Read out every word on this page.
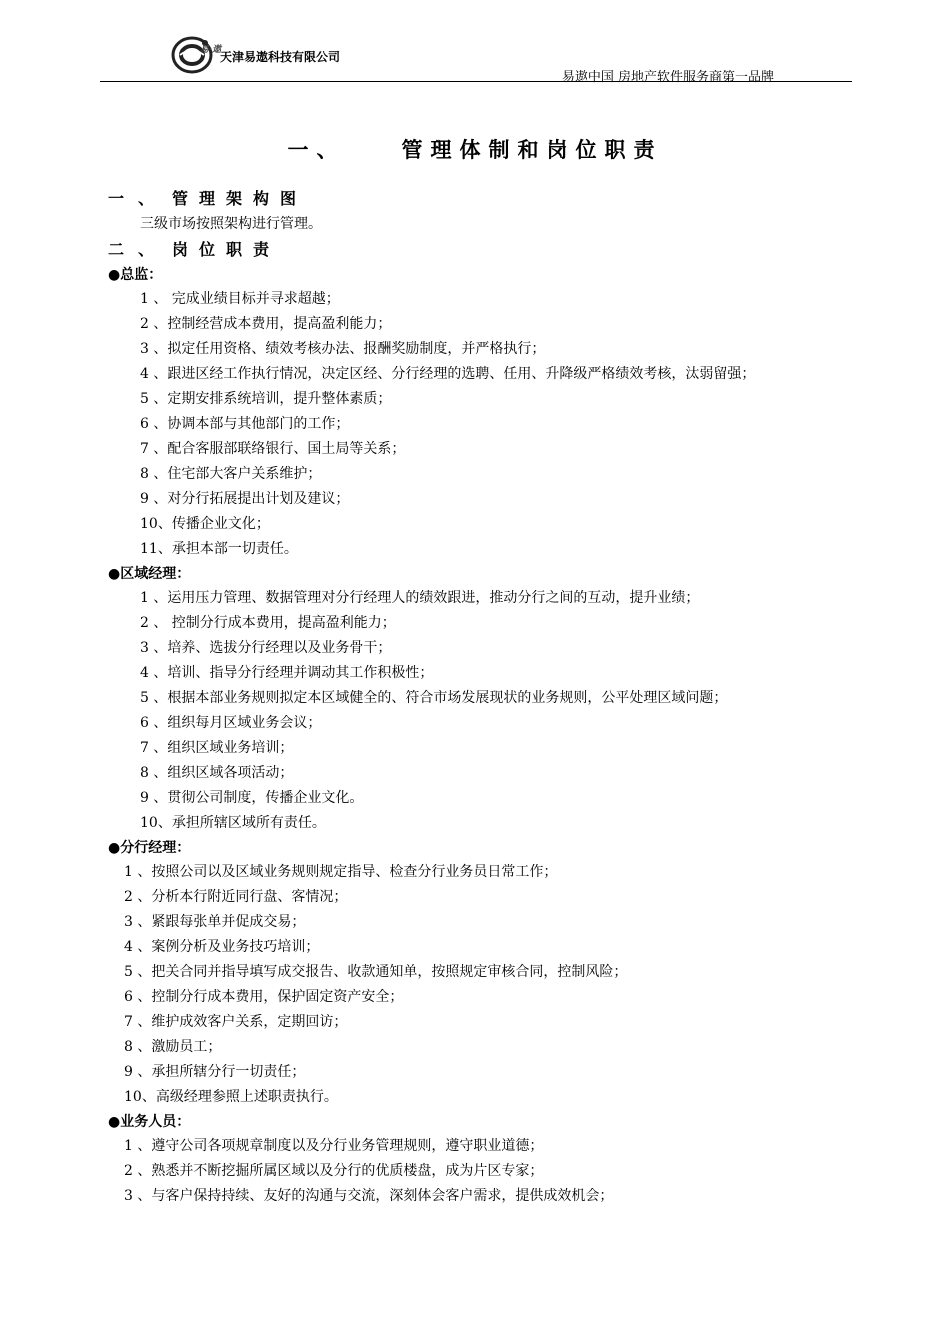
易·遨
天津易遨科技有限公司
易遨中国 房地产软件服务商第一品牌
一、	管理体制和岗位职责
一、 管理架构图
三级市场按照架构进行管理。
二、 岗位职责
●总监：
1 、 完成业绩目标并寻求超越；
2 、控制经营成本费用，提高盈利能力；
3 、拟定任用资格、绩效考核办法、报酬奖励制度，并严格执行；
4 、跟进区经工作执行情况，决定区经、分行经理的选聘、任用、升降级严格绩效考核，汰弱留强；
5 、定期安排系统培训，提升整体素质；
6 、协调本部与其他部门的工作；
7 、配合客服部联络银行、国土局等关系；
8 、住宅部大客户关系维护；
9 、对分行拓展提出计划及建议；
10、传播企业文化；
11、承担本部一切责任。
●区域经理：
1 、运用压力管理、数据管理对分行经理人的绩效跟进，推动分行之间的互动，提升业绩；
2 、 控制分行成本费用，提高盈利能力；
3 、培养、选拔分行经理以及业务骨干；
4 、培训、指导分行经理并调动其工作积极性；
5 、根据本部业务规则拟定本区域健全的、符合市场发展现状的业务规则，公平处理区域问题；
6 、组织每月区域业务会议；
7 、组织区域业务培训；
8 、组织区域各项活动；
9 、贯彻公司制度，传播企业文化。
10、承担所辖区域所有责任。
●分行经理：
1 、按照公司以及区域业务规则规定指导、检查分行业务员日常工作；
2 、分析本行附近同行盘、客情况；
3 、紧跟每张单并促成交易；
4 、案例分析及业务技巧培训；
5 、把关合同并指导填写成交报告、收款通知单，按照规定审核合同，控制风险；
6 、控制分行成本费用，保护固定资产安全；
7 、维护成效客户关系，定期回访；
8 、激励员工；
9 、承担所辖分行一切责任；
10、高级经理参照上述职责执行。
●业务人员：
1 、遵守公司各项规章制度以及分行业务管理规则，遵守职业道德；
2 、熟悉并不断挖掘所属区域以及分行的优质楼盘，成为片区专家；
3 、与客户保持持续、友好的沟通与交流，深刻体会客户需求，提供成效机会；
